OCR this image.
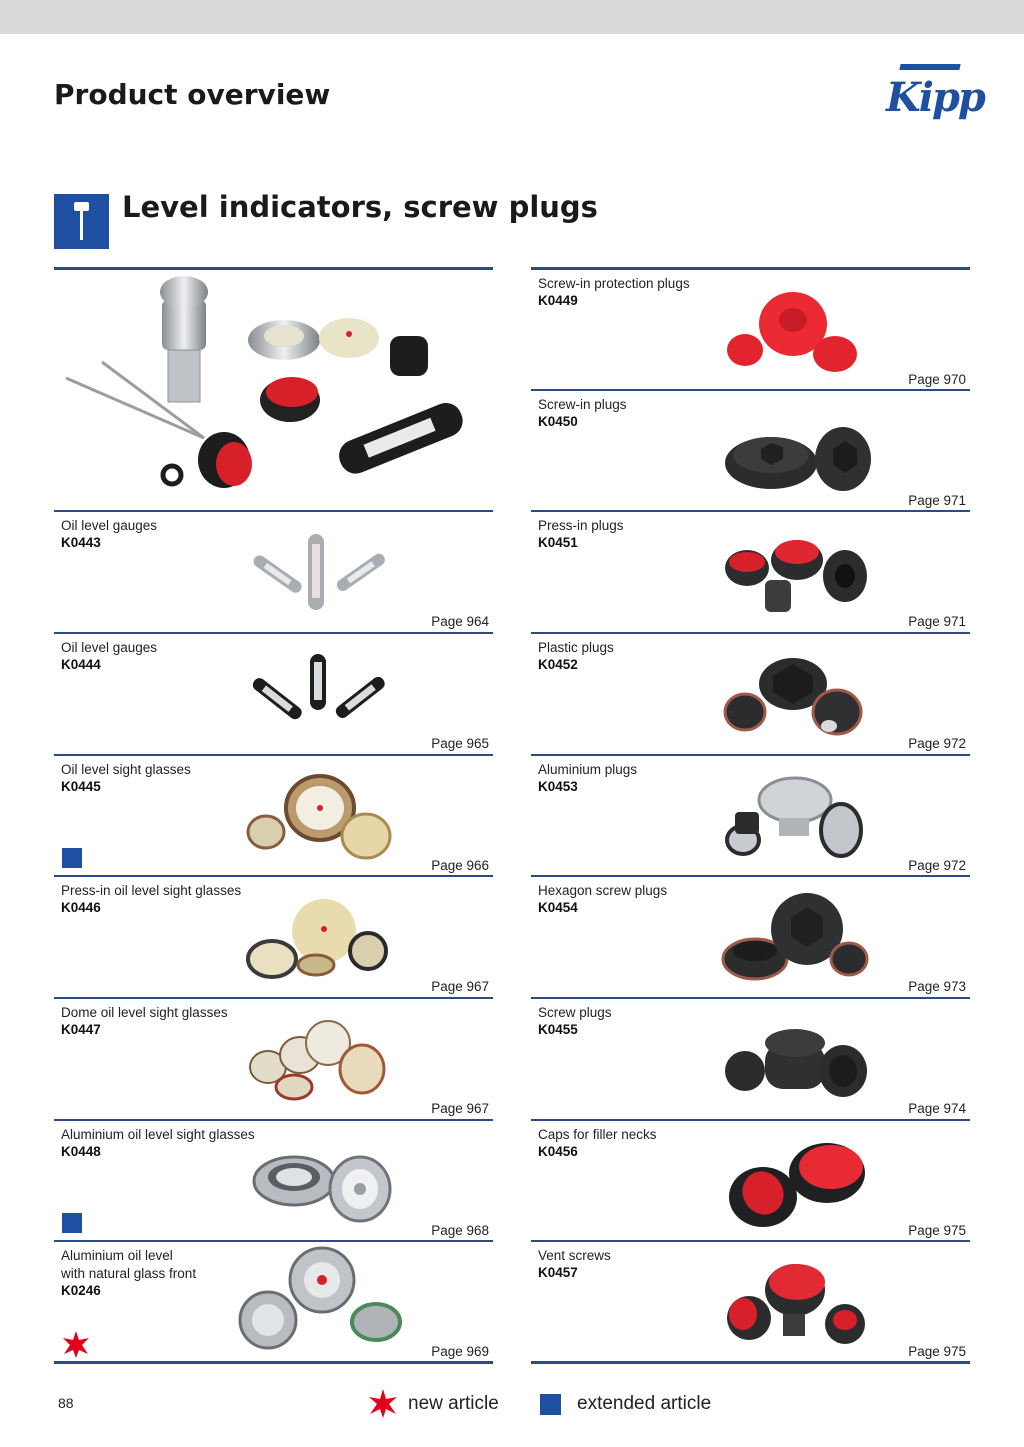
Product overview	Kipp
Level indicators, screw plugs
Oil level gauges
K0443
Page 964
Oil level gauges
K0444
Page 965
Oil level sight glasses
K0445
Page 966
Press-in oil level sight glasses
K0446
Page 967
Dome oil level sight glasses
K0447
Page 967
Aluminium oil level sight glasses
K0448
Page 968
Aluminium oil level
with natural glass front
K0246
Page 969
Screw-in protection plugs
K0449
Page 970
Screw-in plugs
K0450
Page 971
Press-in plugs
K0451
Page 971
Plastic plugs
K0452
Page 972
Aluminium plugs
K0453
Page 972
Hexagon screw plugs
K0454
Page 973
Screw plugs
K0455
Page 974
Caps for filler necks
K0456
Page 975
Vent screws
K0457
Page 975
88	new article	extended article
